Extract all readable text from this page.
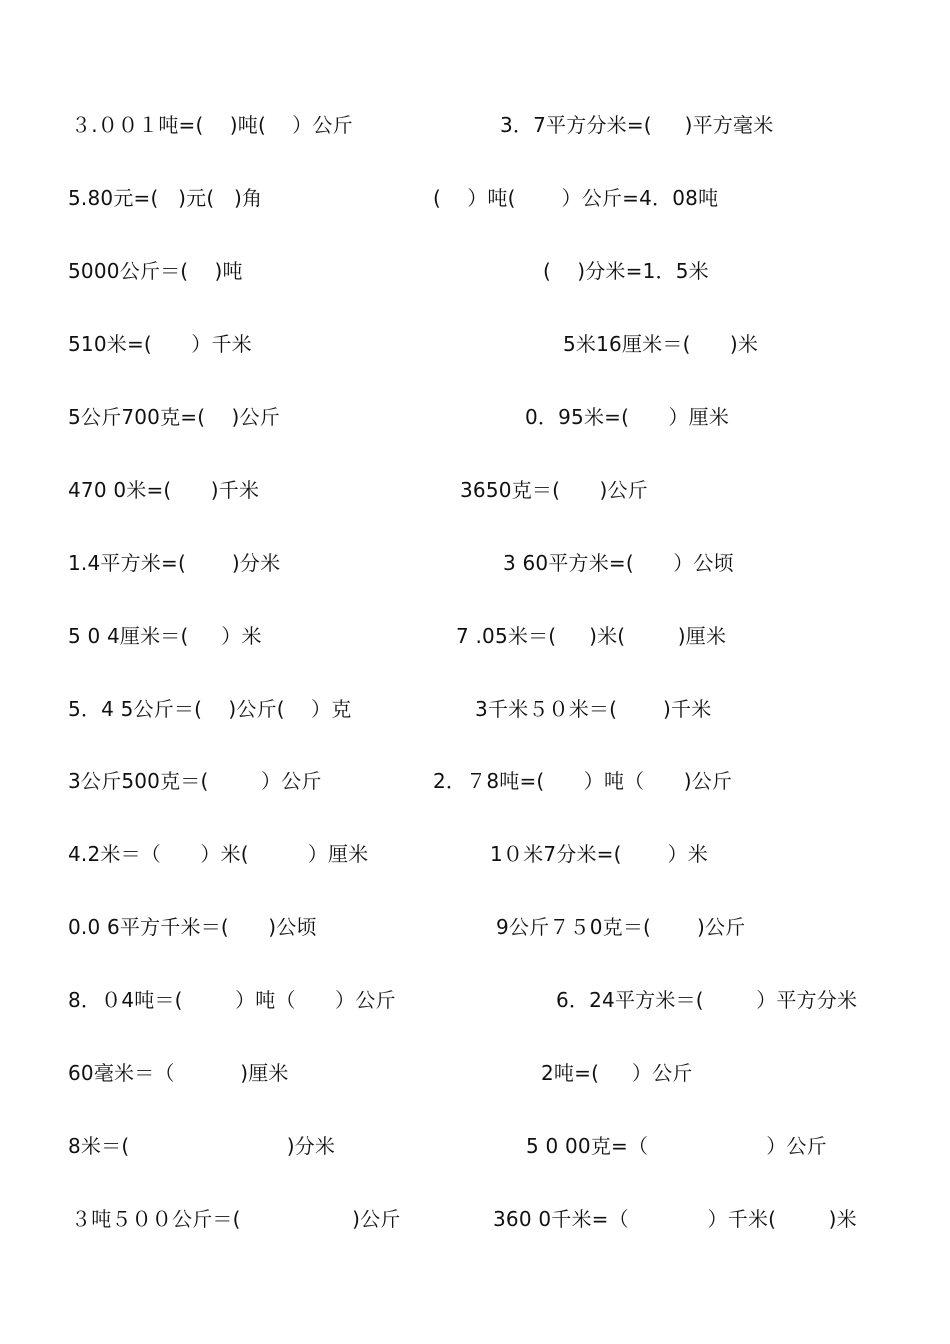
３.００１吨=(    )吨(    ）公斤	3．7平方分米=(     )平方毫米
5.80元=(   )元(   )角	(    ）吨(       ）公斤=4．08吨
5000公斤＝(    )吨	(    )分米=1．5米
510米=(      ）千米	5米16厘米＝(      )米
5公斤700克=(    )公斤	0．95米=(      ）厘米
470 0米=(      )千米	3650克＝(      )公斤
1.4平方米=(       )分米	3 60平方米=(      ）公顷
5 0 4厘米＝(     ）米	7 .05米＝(     )米(        )厘米
5．4 5公斤＝(    )公斤(    ）克	3千米５０米＝(       )千米
3公斤500克＝(        ）公斤	2．７8吨=(      ）吨（      )公斤
4.2米＝（      ）米(         ）厘米	1０米7分米=(       ）米
0.0 6平方千米＝(      )公顷	9公斤７５0克＝(       )公斤
8．０4吨＝(        ）吨（      ）公斤	6．24平方米＝(        ）平方分米
60毫米＝（          )厘米	2吨=(     ）公斤
8米＝(                        )分米	5 0 00克=（                  ）公斤
３吨５００公斤＝(                 )公斤	360 0千米=（            ）千米(        )米
